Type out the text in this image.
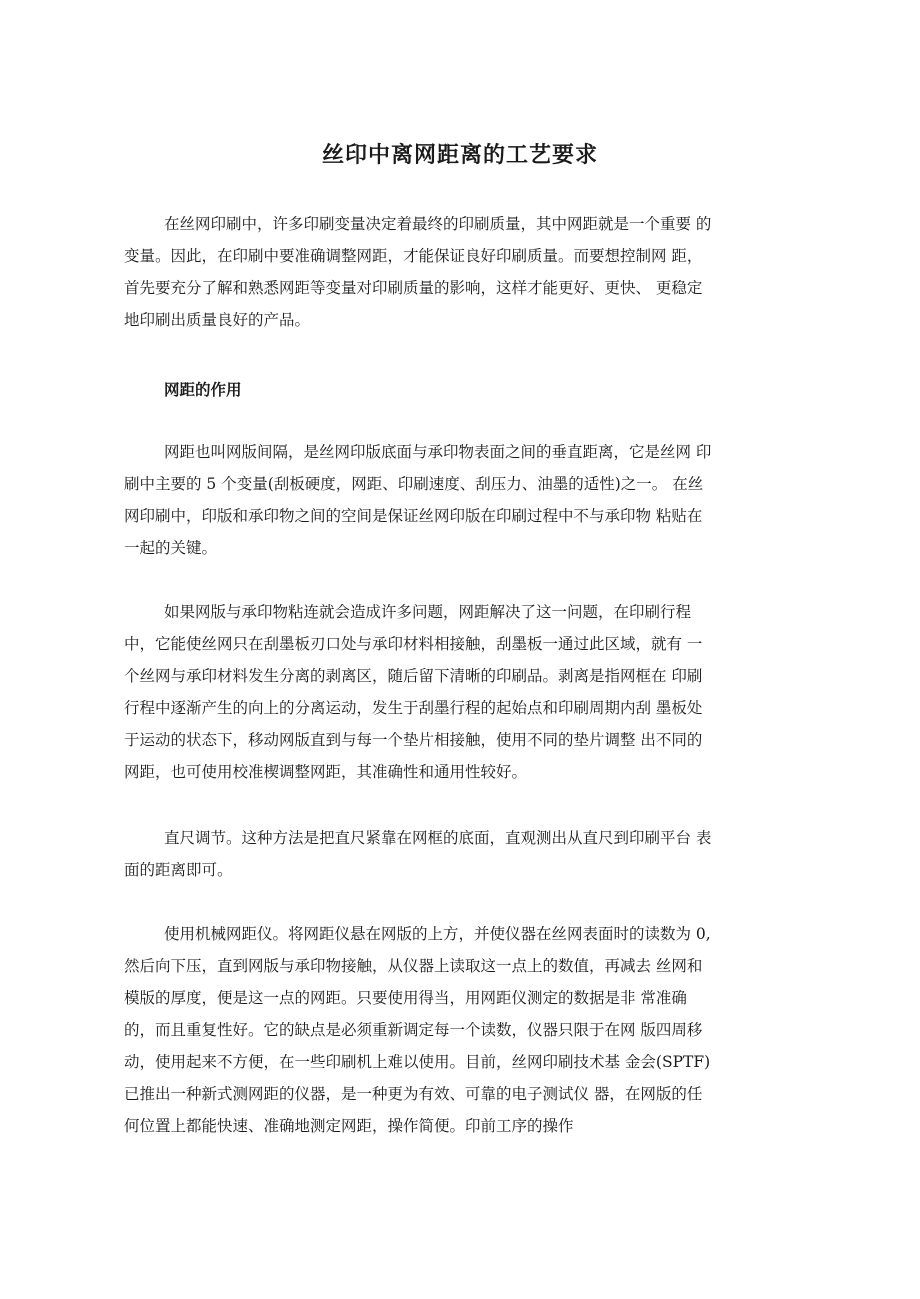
丝印中离网距离的工艺要求

在丝网印刷中，许多印刷变量决定着最终的印刷质量，其中网距就是一个重要 的
变量。因此，在印刷中要准确调整网距，才能保证良好印刷质量。而要想控制网 距，
首先要充分了解和熟悉网距等变量对印刷质量的影响，这样才能更好、更快、 更稳定
地印刷出质量良好的产品。

网距的作用

网距也叫网版间隔，是丝网印版底面与承印物表面之间的垂直距离，它是丝网 印
刷中主要的 5 个变量(刮板硬度，网距、印刷速度、刮压力、油墨的适性)之一。 在丝
网印刷中，印版和承印物之间的空间是保证丝网印版在印刷过程中不与承印物 粘贴在
一起的关键。

如果网版与承印物粘连就会造成许多问题，网距解决了这一问题，在印刷行程
中，它能使丝网只在刮墨板刃口处与承印材料相接触，刮墨板一通过此区域，就有 一
个丝网与承印材料发生分离的剥离区，随后留下清晰的印刷品。剥离是指网框在 印刷
行程中逐渐产生的向上的分离运动，发生于刮墨行程的起始点和印刷周期内刮 墨板处
于运动的状态下，移动网版直到与每一个垫片相接触，使用不同的垫片调整 出不同的
网距，也可使用校准楔调整网距，其准确性和通用性较好。

直尺调节。这种方法是把直尺紧靠在网框的底面，直观测出从直尺到印刷平台 表
面的距离即可。

使用机械网距仪。将网距仪悬在网版的上方，并使仪器在丝网表面时的读数为 0,
然后向下压，直到网版与承印物接触，从仪器上读取这一点上的数值，再减去 丝网和
模版的厚度，便是这一点的网距。只要使用得当，用网距仪测定的数据是非 常准确
的，而且重复性好。它的缺点是必须重新调定每一个读数，仪器只限于在网 版四周移
动，使用起来不方便，在一些印刷机上难以使用。目前，丝网印刷技术基 金会(SPTF)
已推出一种新式测网距的仪器，是一种更为有效、可靠的电子测试仪 器，在网版的任
何位置上都能快速、准确地测定网距，操作简便。印前工序的操作
